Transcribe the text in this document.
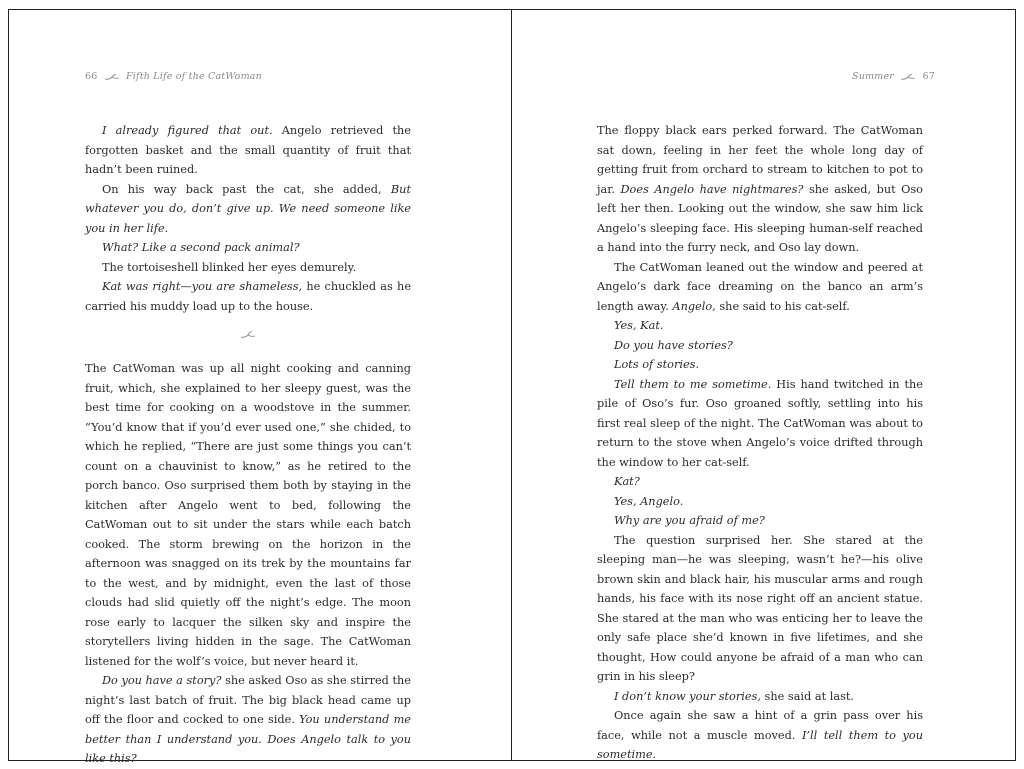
66	Fifth Life of the CatWoman

I already figured that out. Angelo retrieved the forgotten basket and the small quantity of fruit that hadn’t been ruined.

On his way back past the cat, she added, But whatever you do, don’t give up. We need someone like you in her life.

What? Like a second pack animal?

The tortoiseshell blinked her eyes demurely.

Kat was right—you are shameless, he chuckled as he carried his muddy load up to the house.

The CatWoman was up all night cooking and canning fruit, which, she explained to her sleepy guest, was the best time for cooking on a woodstove in the summer. “You’d know that if you’d ever used one,” she chided, to which he replied, “There are just some things you can’t count on a chauvinist to know,” as he retired to the porch banco. Oso surprised them both by staying in the kitchen after Angelo went to bed, following the CatWoman out to sit under the stars while each batch cooked. The storm brewing on the horizon in the afternoon was snagged on its trek by the mountains far to the west, and by midnight, even the last of those clouds had slid quietly off the night’s edge. The moon rose early to lacquer the silken sky and inspire the storytellers living hidden in the sage. The CatWoman listened for the wolf’s voice, but never heard it.

Do you have a story? she asked Oso as she stirred the night’s last batch of fruit. The big black head came up off the floor and cocked to one side. You understand me better than I understand you. Does Angelo talk to you like this?

Summer	67

The floppy black ears perked forward. The CatWoman sat down, feeling in her feet the whole long day of getting fruit from orchard to stream to kitchen to pot to jar. Does Angelo have nightmares? she asked, but Oso left her then. Looking out the window, she saw him lick Angelo’s sleeping face. His sleeping human-self reached a hand into the furry neck, and Oso lay down.

The CatWoman leaned out the window and peered at Angelo’s dark face dreaming on the banco an arm’s length away. Angelo, she said to his cat-self.

Yes, Kat.

Do you have stories?

Lots of stories.

Tell them to me sometime. His hand twitched in the pile of Oso’s fur. Oso groaned softly, settling into his first real sleep of the night. The CatWoman was about to return to the stove when Angelo’s voice drifted through the window to her cat-self.

Kat?

Yes, Angelo.

Why are you afraid of me?

The question surprised her. She stared at the sleeping man—he was sleeping, wasn’t he?—his olive brown skin and black hair, his muscular arms and rough hands, his face with its nose right off an ancient statue. She stared at the man who was enticing her to leave the only safe place she’d known in five lifetimes, and she thought, How could anyone be afraid of a man who can grin in his sleep?

I don’t know your stories, she said at last.

Once again she saw a hint of a grin pass over his face, while not a muscle moved. I’ll tell them to you sometime.
